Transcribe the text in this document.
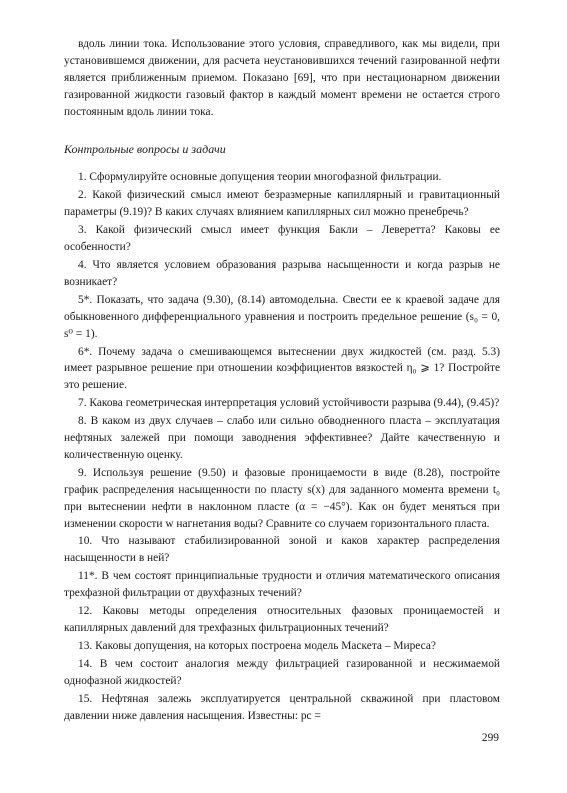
вдоль линии тока. Использование этого условия, справедливого, как мы видели, при установившемся движении, для расчета неустановившихся течений газированной нефти является приближенным приемом. Показано [69], что при нестационарном движении газированной жидкости газовый фактор в каждый момент времени не остается строго постоянным вдоль линии тока.

Контрольные вопросы и задачи
1. Сформулируйте основные допущения теории многофазной фильтрации.
2. Какой физический смысл имеют безразмерные капиллярный и гравитационный параметры (9.19)? В каких случаях влиянием капиллярных сил можно пренебречь?
3. Какой физический смысл имеет функция Бакли – Леверетта? Каковы ее особенности?
4. Что является условием образования разрыва насыщенности и когда разрыв не возникает?
5*. Показать, что задача (9.30), (8.14) автомодельна. Свести ее к краевой задаче для обыкновенного дифференциального уравнения и построить предельное решение (s₀ = 0, s⁰ = 1).
6*. Почему задача о смешивающемся вытеснении двух жидкостей (см. разд. 5.3) имеет разрывное решение при отношении коэффициентов вязкостей η₀ ⩾ 1? Постройте это решение.
7. Какова геометрическая интерпретация условий устойчивости разрыва (9.44), (9.45)?
8. В каком из двух случаев – слабо или сильно обводненного пласта – эксплуатация нефтяных залежей при помощи заводнения эффективнее? Дайте качественную и количественную оценку.
9. Используя решение (9.50) и фазовые проницаемости в виде (8.28), постройте график распределения насыщенности по пласту s(x) для заданного момента времени t₀ при вытеснении нефти в наклонном пласте (α = −45°). Как он будет меняться при изменении скорости w нагнетания воды? Сравните со случаем горизонтального пласта.
10. Что называют стабилизированной зоной и каков характер распределения насыщенности в ней?
11*. В чем состоят принципиальные трудности и отличия математического описания трехфазной фильтрации от двухфазных течений?
12. Каковы методы определения относительных фазовых проницаемостей и капиллярных давлений для трехфазных фильтрационных течений?
13. Каковы допущения, на которых построена модель Маскета – Миреса?
14. В чем состоит аналогия между фильтрацией газированной и несжимаемой однофазной жидкостей?
15. Нефтяная залежь эксплуатируется центральной скважиной при пластовом давлении ниже давления насыщения. Известны: pс =
299
